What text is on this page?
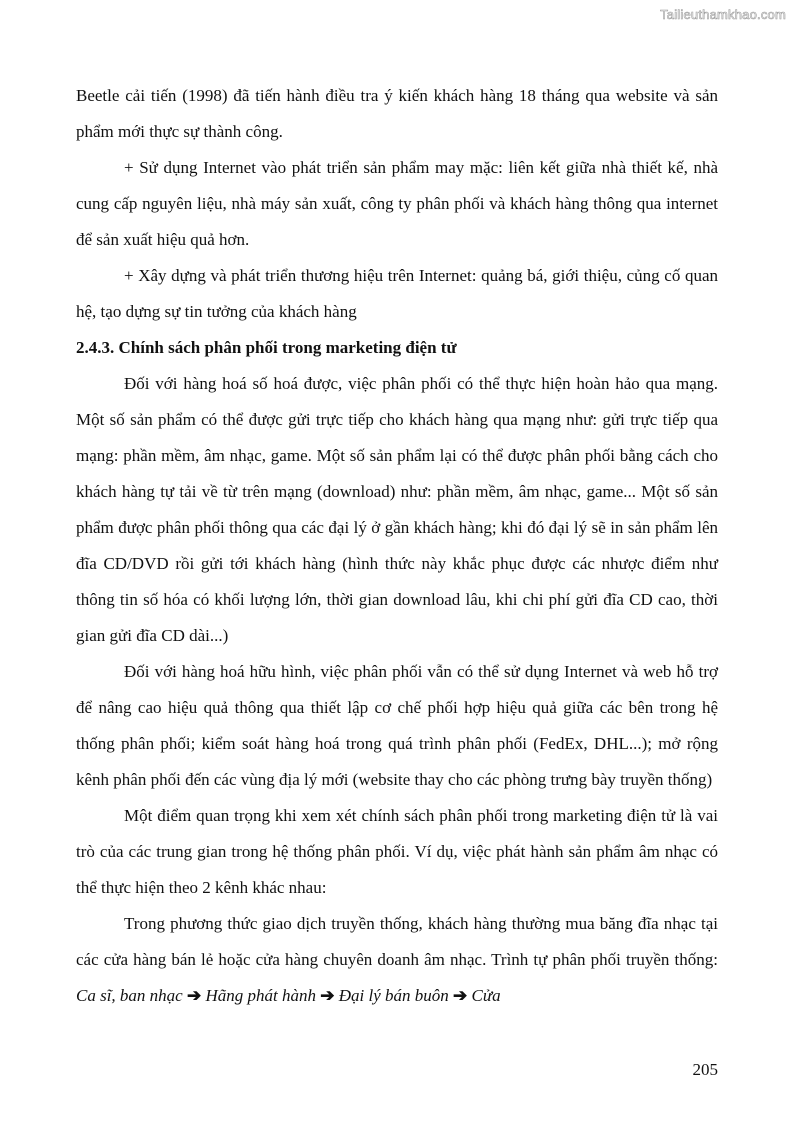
Tailieuthamkhao.com

Beetle cải tiến (1998) đã tiến hành điều tra ý kiến khách hàng 18 tháng qua website và sản phẩm mới thực sự thành công.

+ Sử dụng Internet vào phát triển sản phẩm may mặc: liên kết giữa nhà thiết kế, nhà cung cấp nguyên liệu, nhà máy sản xuất, công ty phân phối và khách hàng thông qua internet để sản xuất hiệu quả hơn.

+ Xây dựng và phát triển thương hiệu trên Internet: quảng bá, giới thiệu, củng cố quan hệ, tạo dựng sự tin tưởng của khách hàng

2.4.3. Chính sách phân phối trong marketing điện tử

Đối với hàng hoá số hoá được, việc phân phối có thể thực hiện hoàn hảo qua mạng. Một số sản phẩm có thể được gửi trực tiếp cho khách hàng qua mạng như: gửi trực tiếp qua mạng: phần mềm, âm nhạc, game. Một số sản phẩm lại có thể được phân phối bằng cách cho khách hàng tự tải về từ trên mạng (download) như: phần mềm, âm nhạc, game... Một số sản phẩm được phân phối thông qua các đại lý ở gần khách hàng; khi đó đại lý sẽ in sản phẩm lên đĩa CD/DVD rồi gửi tới khách hàng (hình thức này khắc phục được các nhược điểm như thông tin số hóa có khối lượng lớn, thời gian download lâu, khi chi phí gửi đĩa CD cao, thời gian gửi đĩa CD dài...)

Đối với hàng hoá hữu hình, việc phân phối vẫn có thể sử dụng Internet và web hỗ trợ để nâng cao hiệu quả thông qua thiết lập cơ chế phối hợp hiệu quả giữa các bên trong hệ thống phân phối; kiểm soát hàng hoá trong quá trình phân phối (FedEx, DHL...); mở rộng kênh phân phối đến các vùng địa lý mới (website thay cho các phòng trưng bày truyền thống)

Một điểm quan trọng khi xem xét chính sách phân phối trong marketing điện tử là vai trò của các trung gian trong hệ thống phân phối. Ví dụ, việc phát hành sản phẩm âm nhạc có thể thực hiện theo 2 kênh khác nhau:

Trong phương thức giao dịch truyền thống, khách hàng thường mua băng đĩa nhạc tại các cửa hàng bán lẻ hoặc cửa hàng chuyên doanh âm nhạc. Trình tự phân phối truyền thống: Ca sĩ, ban nhạc ➔ Hãng phát hành ➔ Đại lý bán buôn ➔ Cửa

205
